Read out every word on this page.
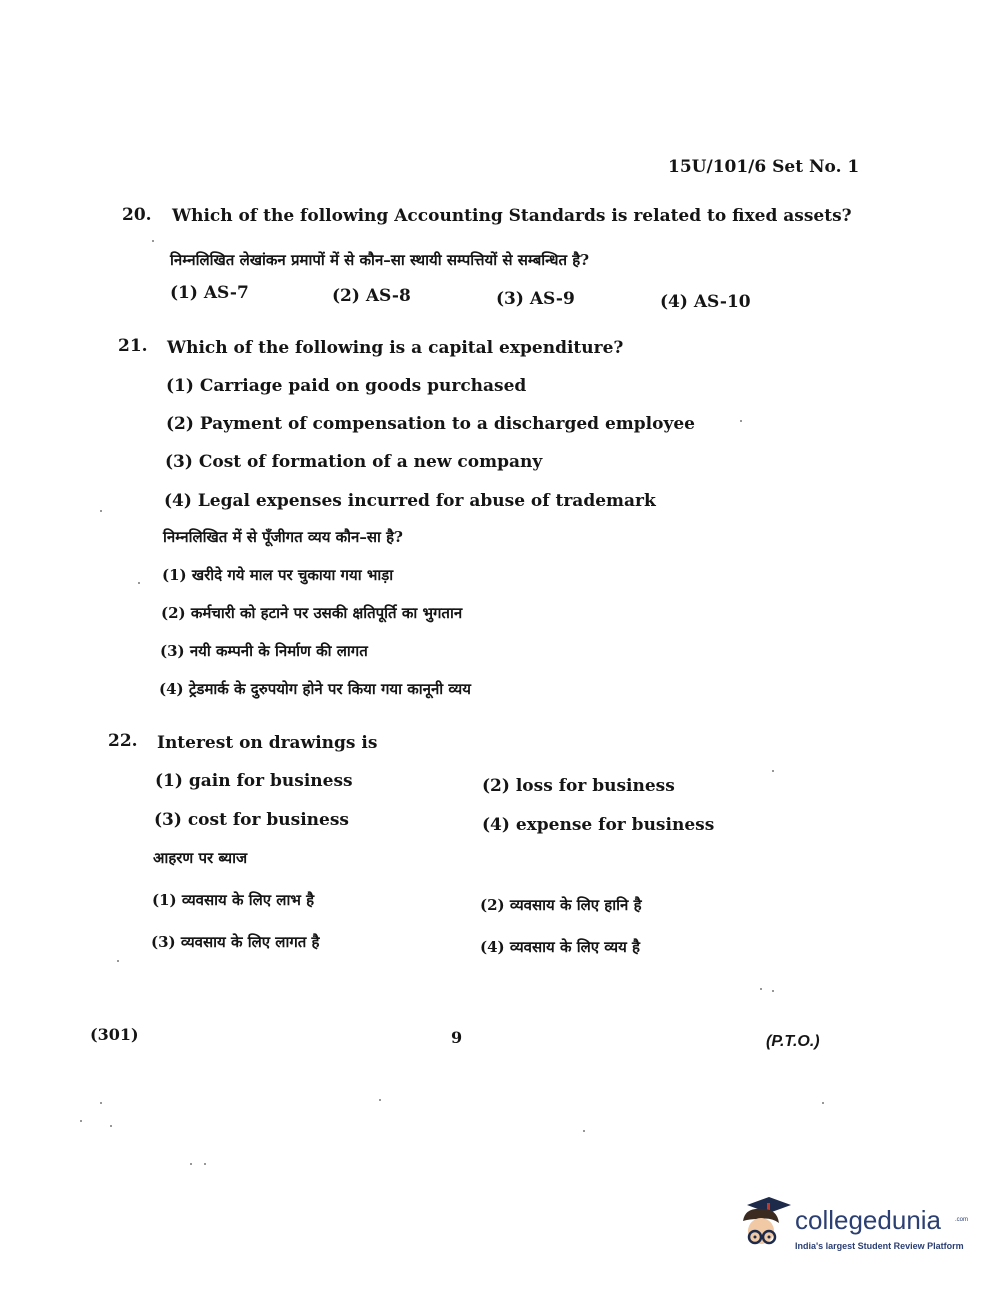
15U/101/6 Set No. 1
20. Which of the following Accounting Standards is related to fixed assets?
निम्नलिखित लेखांकन प्रमापों में से कौन–सा स्थायी सम्पत्तियों से सम्बन्धित है?
(1) AS-7	(2) AS-8	(3) AS-9	(4) AS-10
21. Which of the following is a capital expenditure?
(1) Carriage paid on goods purchased
(2) Payment of compensation to a discharged employee
(3) Cost of formation of a new company
(4) Legal expenses incurred for abuse of trademark
निम्नलिखित में से पूँजीगत व्यय कौन–सा है?
(1) खरीदे गये माल पर चुकाया गया भाड़ा
(2) कर्मचारी को हटाने पर उसकी क्षतिपूर्ति का भुगतान
(3) नयी कम्पनी के निर्माण की लागत
(4) ट्रेडमार्क के दुरुपयोग होने पर किया गया कानूनी व्यय
22. Interest on drawings is
(1) gain for business	(2) loss for business
(3) cost for business	(4) expense for business
आहरण पर ब्याज
(1) व्यवसाय के लिए लाभ है	(2) व्यवसाय के लिए हानि है
(3) व्यवसाय के लिए लागत है	(4) व्यवसाय के लिए व्यय है
(301)	9	(P.T.O.)
collegedunia .com
India's largest Student Review Platform
